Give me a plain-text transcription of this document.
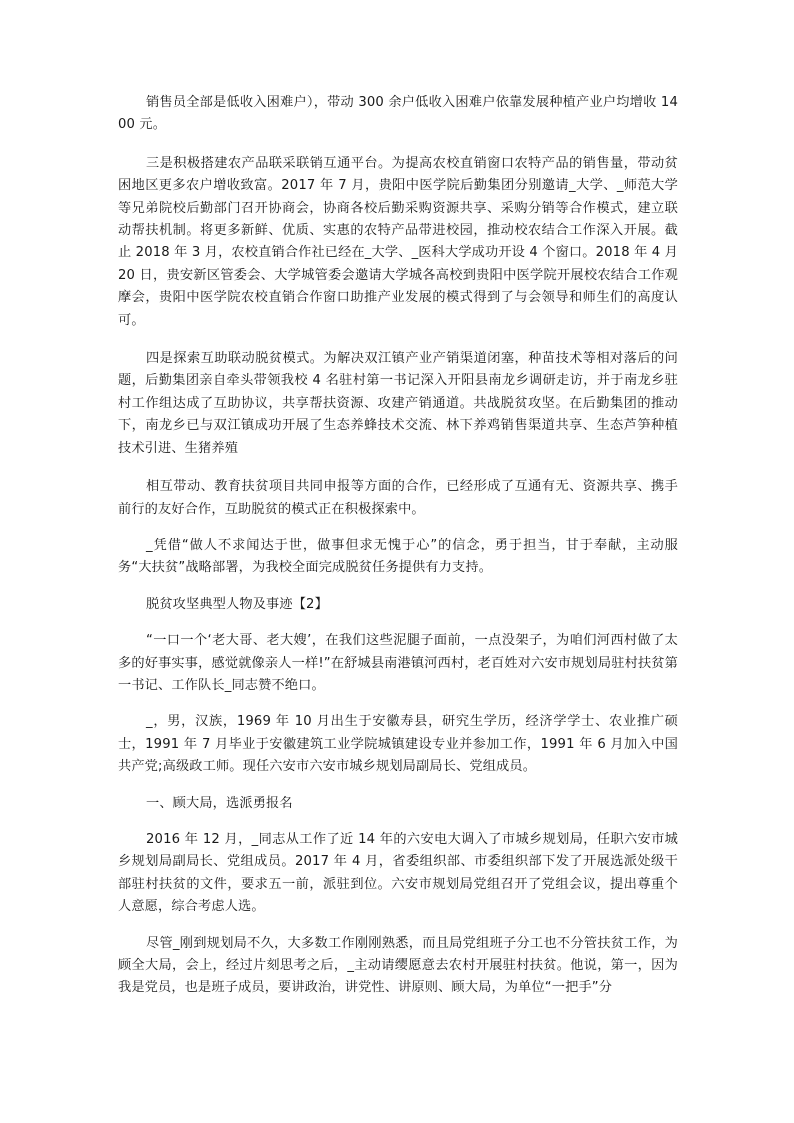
销售员全部是低收入困难户），带动 300 余户低收入困难户依靠发展种植产业户均增收 1400 元。

三是积极搭建农产品联采联销互通平台。为提高农校直销窗口农特产品的销售量，带动贫困地区更多农户增收致富。2017 年 7 月，贵阳中医学院后勤集团分别邀请_大学、_师范大学等兄弟院校后勤部门召开协商会，协商各校后勤采购资源共享、采购分销等合作模式，建立联动帮扶机制。将更多新鲜、优质、实惠的农特产品带进校园，推动校农结合工作深入开展。截止 2018 年 3 月，农校直销合作社已经在_大学、_医科大学成功开设 4 个窗口。2018 年 4 月 20 日，贵安新区管委会、大学城管委会邀请大学城各高校到贵阳中医学院开展校农结合工作观摩会，贵阳中医学院农校直销合作窗口助推产业发展的模式得到了与会领导和师生们的高度认可。

四是探索互助联动脱贫模式。为解决双江镇产业产销渠道闭塞，种苗技术等相对落后的问题，后勤集团亲自牵头带领我校 4 名驻村第一书记深入开阳县南龙乡调研走访，并于南龙乡驻村工作组达成了互助协议，共享帮扶资源、攻建产销通道。共战脱贫攻坚。在后勤集团的推动下，南龙乡已与双江镇成功开展了生态养蜂技术交流、林下养鸡销售渠道共享、生态芦笋种植技术引进、生猪养殖

相互带动、教育扶贫项目共同申报等方面的合作，已经形成了互通有无、资源共享、携手前行的友好合作，互助脱贫的模式正在积极探索中。

_凭借“做人不求闻达于世，做事但求无愧于心”的信念，勇于担当，甘于奉献，主动服务“大扶贫”战略部署，为我校全面完成脱贫任务提供有力支持。

脱贫攻坚典型人物及事迹【2】

“一口一个‘老大哥、老大嫂’，在我们这些泥腿子面前，一点没架子，为咱们河西村做了太多的好事实事，感觉就像亲人一样!”在舒城县南港镇河西村，老百姓对六安市规划局驻村扶贫第一书记、工作队长_同志赞不绝口。

_，男，汉族，1969 年 10 月出生于安徽寿县，研究生学历，经济学学士、农业推广硕士，1991 年 7 月毕业于安徽建筑工业学院城镇建设专业并参加工作，1991 年 6 月加入中国共产党;高级政工师。现任六安市六安市城乡规划局副局长、党组成员。

一、顾大局，选派勇报名

2016 年 12 月，_同志从工作了近 14 年的六安电大调入了市城乡规划局，任职六安市城乡规划局副局长、党组成员。2017 年 4 月，省委组织部、市委组织部下发了开展选派处级干部驻村扶贫的文件，要求五一前，派驻到位。六安市规划局党组召开了党组会议，提出尊重个人意愿，综合考虑人选。

尽管_刚到规划局不久，大多数工作刚刚熟悉，而且局党组班子分工也不分管扶贫工作，为顾全大局，会上，经过片刻思考之后，_主动请缨愿意去农村开展驻村扶贫。他说，第一，因为我是党员，也是班子成员，要讲政治，讲党性、讲原则、顾大局，为单位“一把手”分
